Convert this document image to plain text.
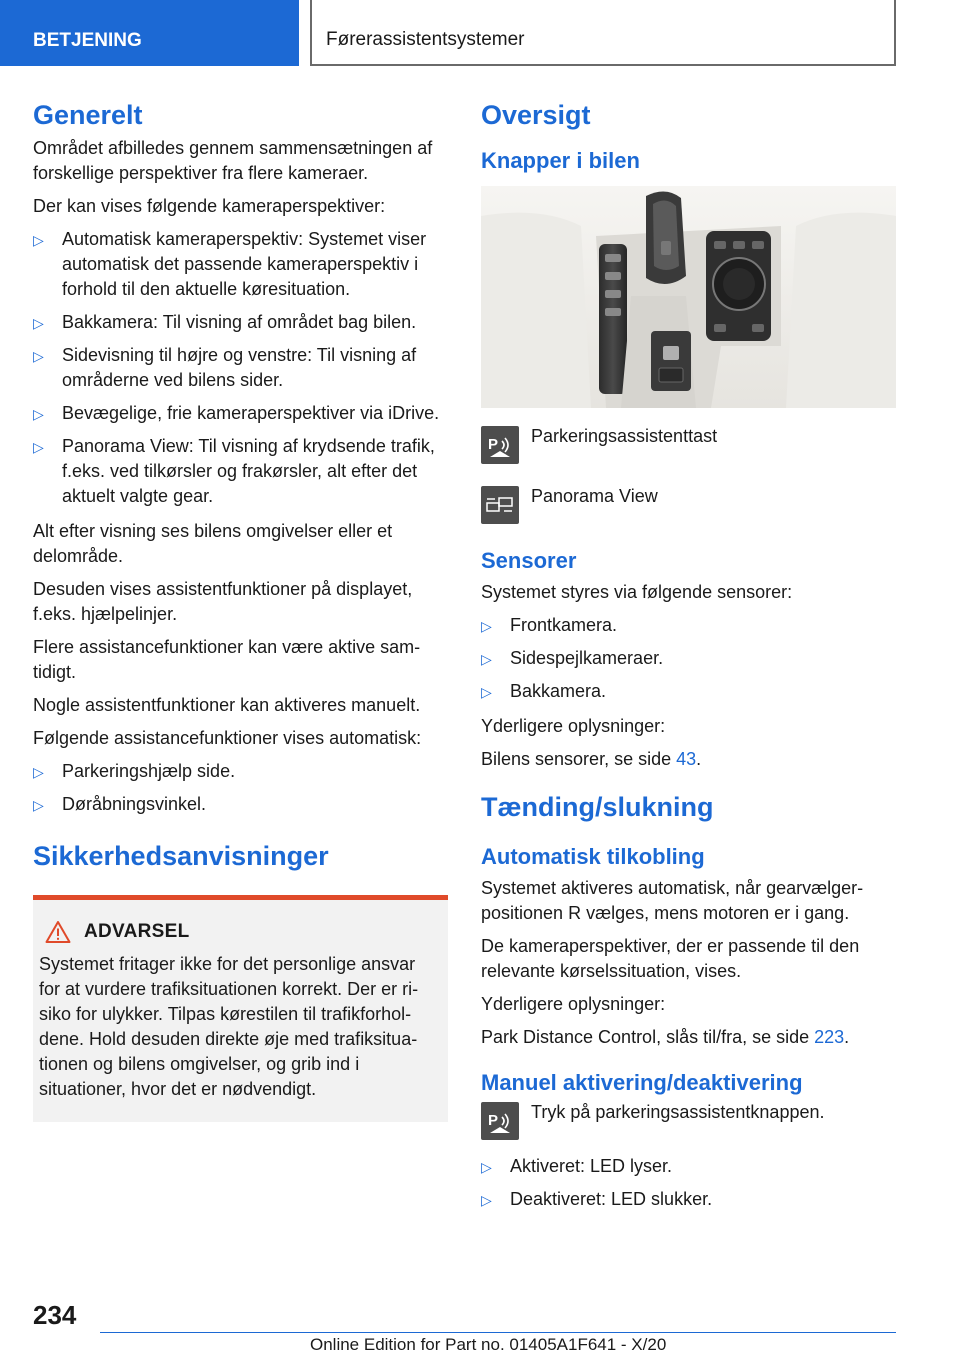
BETJENING	Førerassistentsystemer
Generelt

Området afbilledes gennem sammensætningen af forskellige perspektiver fra flere kameraer.

Der kan vises følgende kameraperspektiver:

▷ Automatisk kameraperspektiv: Systemet viser automatisk det passende kameraperspektiv i forhold til den aktuelle køresituation.
▷ Bakkamera: Til visning af området bag bilen.
▷ Sidevisning til højre og venstre: Til visning af områderne ved bilens sider.
▷ Bevægelige, frie kameraperspektiver via iDrive.
▷ Panorama View: Til visning af krydsende trafik, f.eks. ved tilkørsler og frakørsler, alt efter det aktuelt valgte gear.

Alt efter visning ses bilens omgivelser eller et delområde.

Desuden vises assistentfunktioner på displayet, f.eks. hjælpelinjer.

Flere assistancefunktioner kan være aktive samtidigt.

Nogle assistentfunktioner kan aktiveres manuelt.

Følgende assistancefunktioner vises automatisk:

▷ Parkeringshjælp side.
▷ Døråbningsvinkel.
Sikkerhedsanvisninger
ADVARSEL

Systemet fritager ikke for det personlige ansvar for at vurdere trafiksituationen korrekt. Der er risiko for ulykker. Tilpas kørestilen til trafikforholdene. Hold desuden direkte øje med trafiksituationen og bilens omgivelser, og grib ind i situationer, hvor det er nødvendigt.

Oversigt
Knapper i bilen
P Parkeringsassistenttast

Panorama View

Sensorer

Systemet styres via følgende sensorer:

▷ Frontkamera.
▷ Sidespejlkameraer.
▷ Bakkamera.

Yderligere oplysninger:

Bilens sensorer, se side 43.

Tænding/slukning
Automatisk tilkobling

Systemet aktiveres automatisk, når gearvælgerpositionen R vælges, mens motoren er i gang.

De kameraperspektiver, der er passende til den relevante kørselssituation, vises.

Yderligere oplysninger:

Park Distance Control, slås til/fra, se side 223.

Manuel aktivering/deaktivering
P Tryk på parkeringsassistentknappen.

▷ Aktiveret: LED lyser.
▷ Deaktiveret: LED slukker.
234
Online Edition for Part no. 01405A1F641 - X/20
